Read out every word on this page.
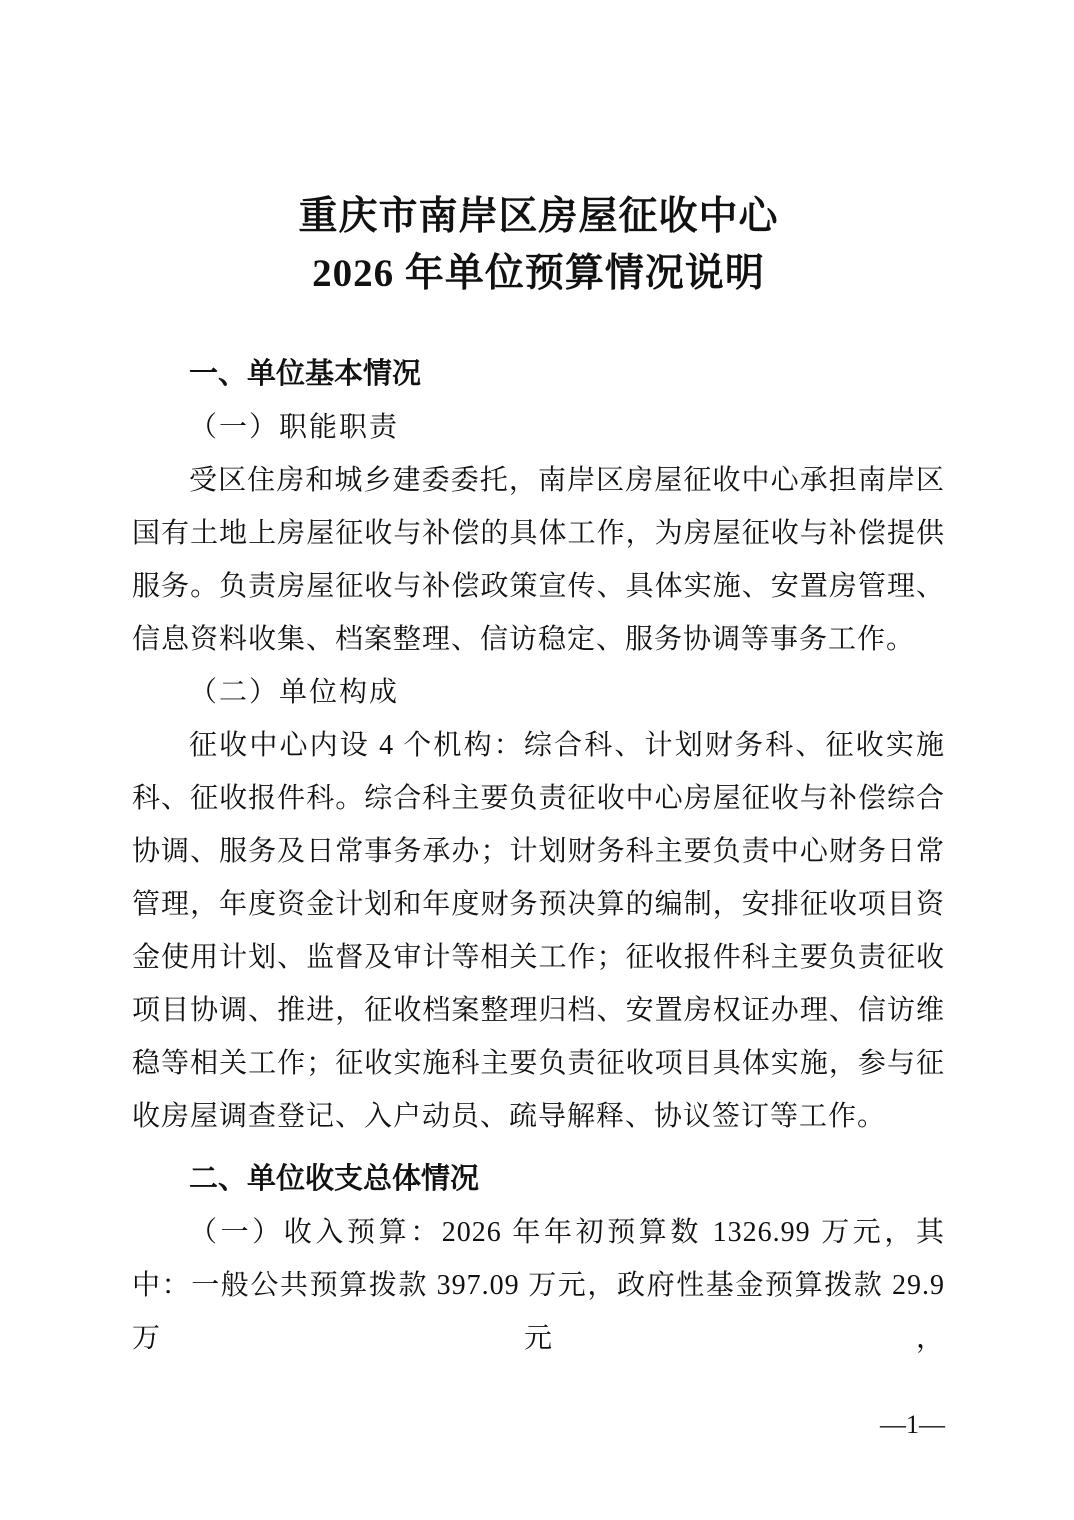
重庆市南岸区房屋征收中心
2026 年单位预算情况说明
一、单位基本情况
（一）职能职责

受区住房和城乡建委委托，南岸区房屋征收中心承担南岸区国有土地上房屋征收与补偿的具体工作，为房屋征收与补偿提供服务。负责房屋征收与补偿政策宣传、具体实施、安置房管理、信息资料收集、档案整理、信访稳定、服务协调等事务工作。

（二）单位构成

征收中心内设 4 个机构：综合科、计划财务科、征收实施科、征收报件科。综合科主要负责征收中心房屋征收与补偿综合协调、服务及日常事务承办；计划财务科主要负责中心财务日常管理，年度资金计划和年度财务预决算的编制，安排征收项目资金使用计划、监督及审计等相关工作；征收报件科主要负责征收项目协调、推进，征收档案整理归档、安置房权证办理、信访维稳等相关工作；征收实施科主要负责征收项目具体实施，参与征收房屋调查登记、入户动员、疏导解释、协议签订等工作。

二、单位收支总体情况

（一）收入预算：2026 年年初预算数 1326.99 万元，其中：一般公共预算拨款 397.09 万元，政府性基金预算拨款 29.9 万元，

—1—
